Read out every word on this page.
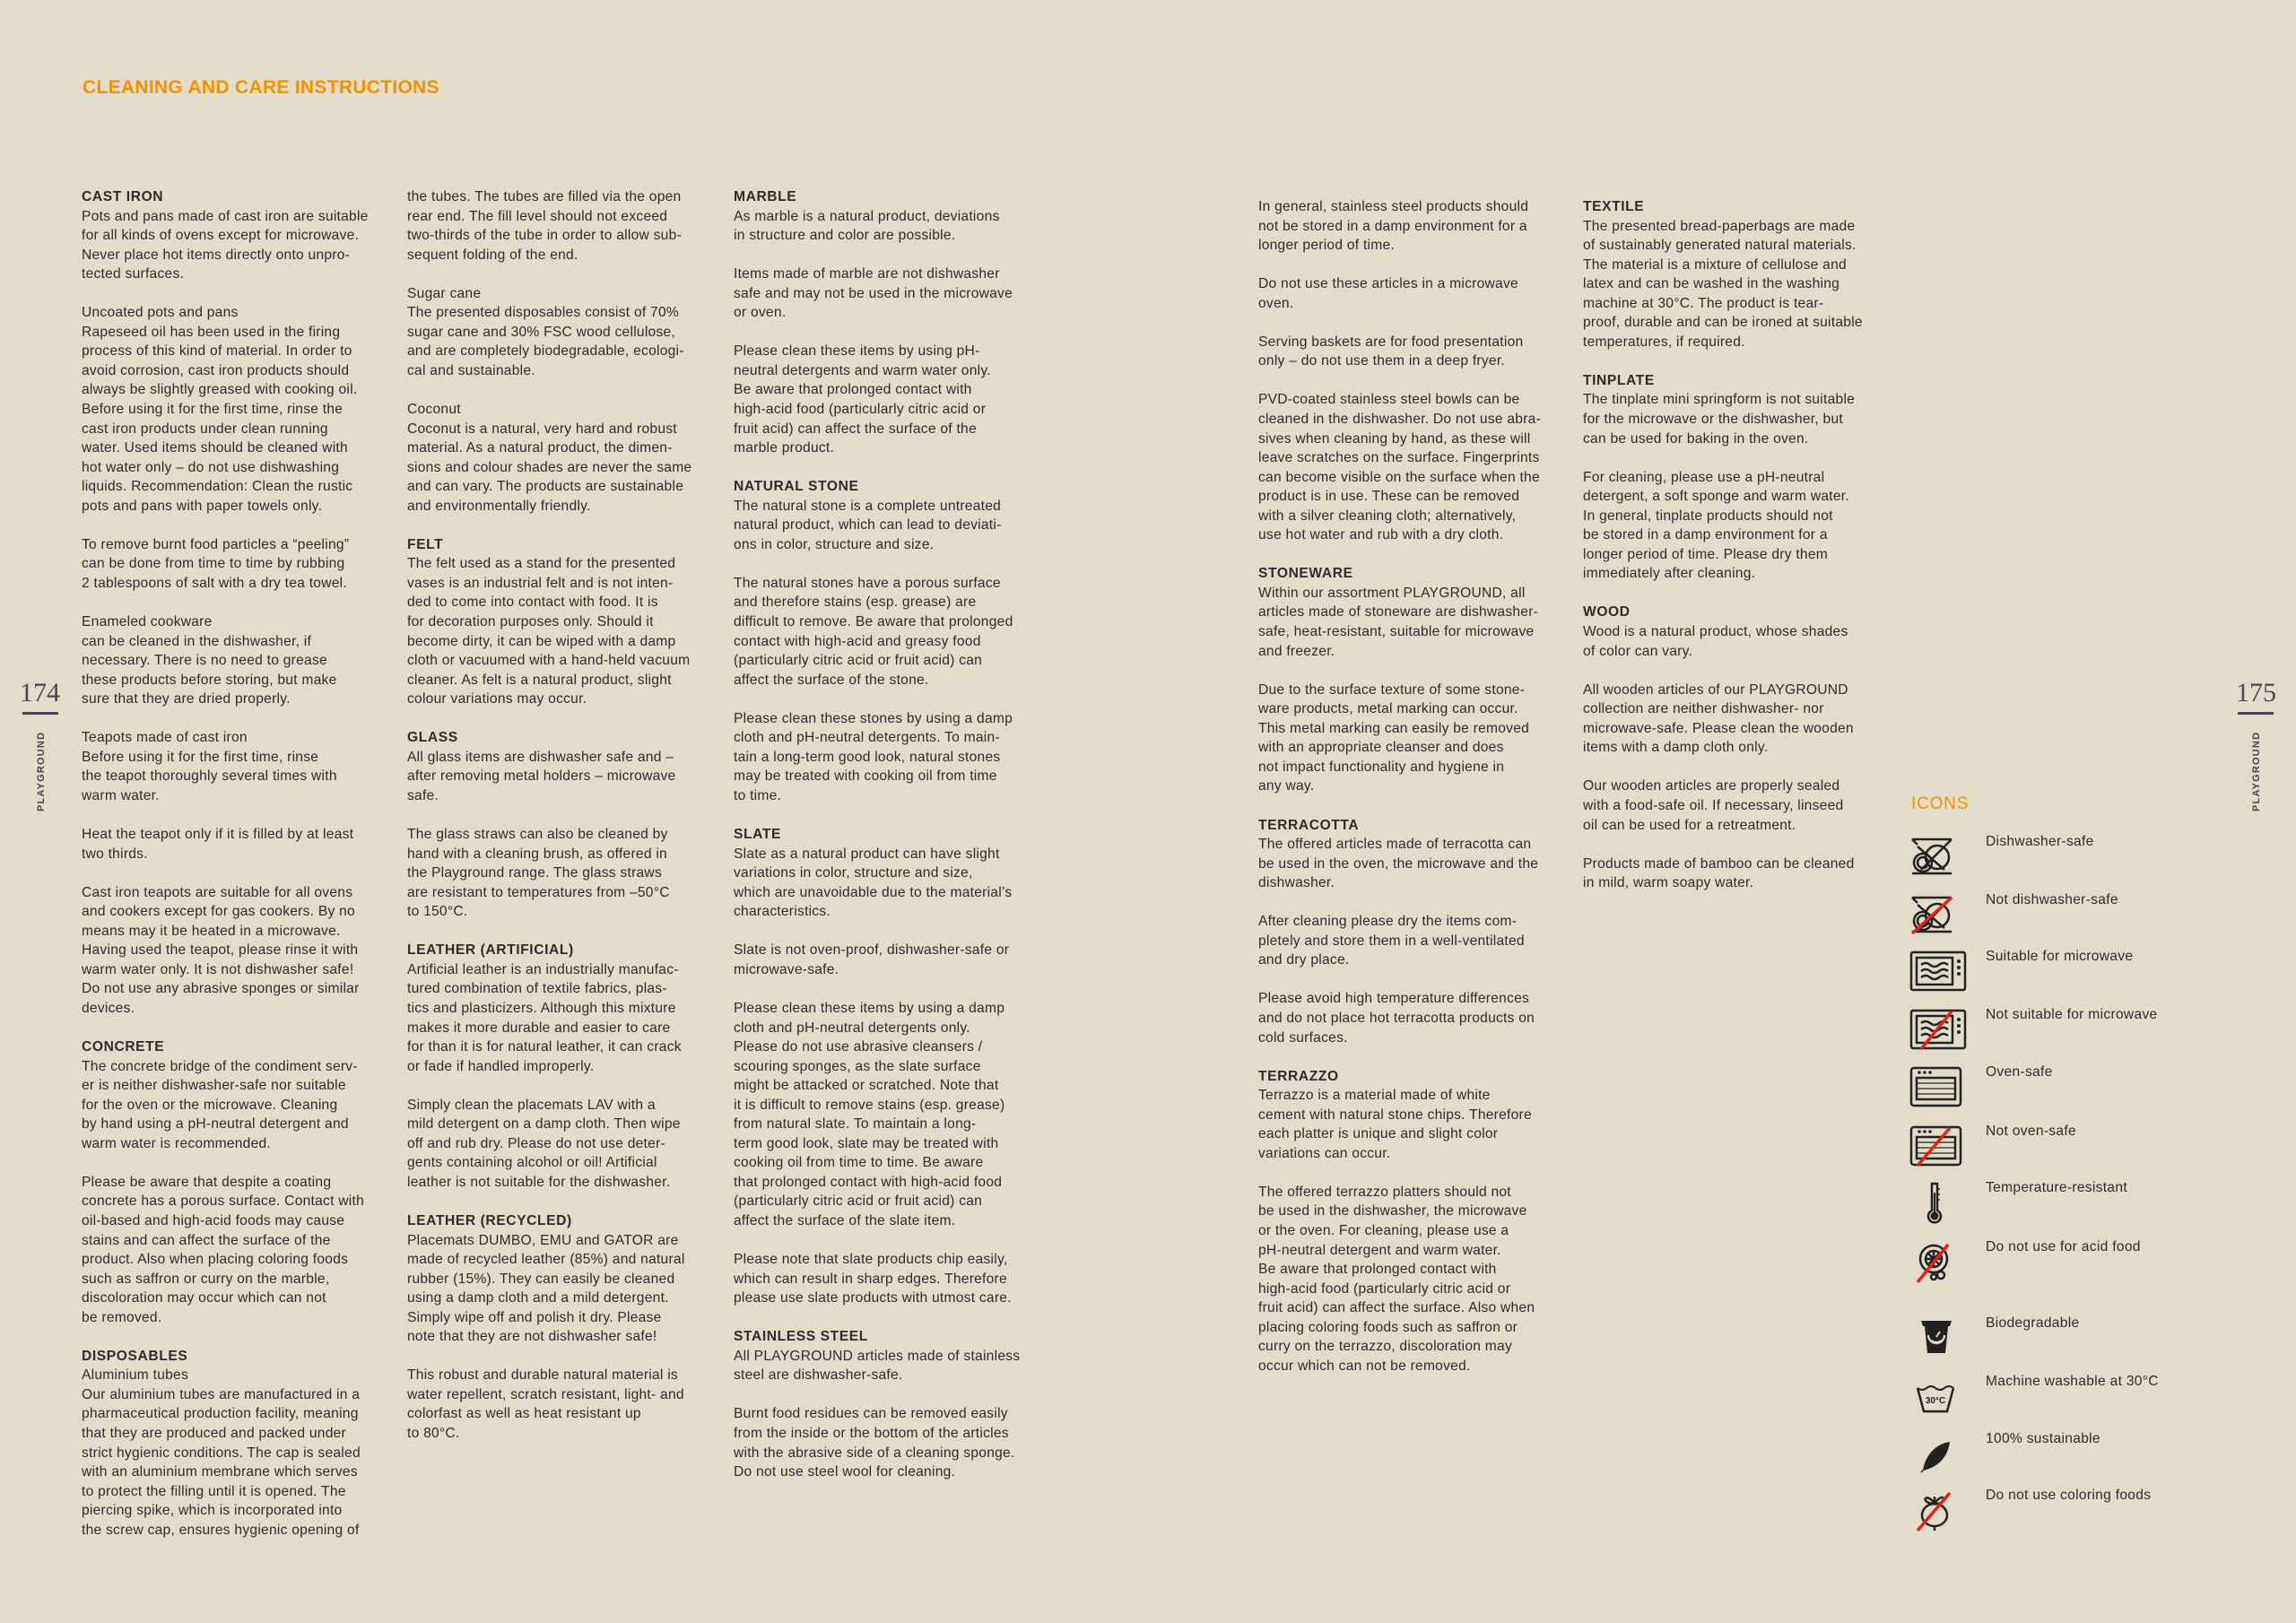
CLEANING AND CARE INSTRUCTIONS
174
PLAYGROUND
175
PLAYGROUND
CAST IRON

Pots and pans made of cast iron are suitable
for all kinds of ovens except for microwave.
Never place hot items directly onto unpro-
tected surfaces.

Uncoated pots and pans
Rapeseed oil has been used in the firing
process of this kind of material. In order to
avoid corrosion, cast iron products should
always be slightly greased with cooking oil.
Before using it for the first time, rinse the
cast iron products under clean running
water. Used items should be cleaned with
hot water only – do not use dishwashing
liquids. Recommendation: Clean the rustic
pots and pans with paper towels only.

To remove burnt food particles a “peeling”
can be done from time to time by rubbing
2 tablespoons of salt with a dry tea towel.

Enameled cookware
can be cleaned in the dishwasher, if
necessary. There is no need to grease
these products before storing, but make
sure that they are dried properly.

Teapots made of cast iron
Before using it for the first time, rinse
the teapot thoroughly several times with
warm water.

Heat the teapot only if it is filled by at least
two thirds.

Cast iron teapots are suitable for all ovens
and cookers except for gas cookers. By no
means may it be heated in a microwave.
Having used the teapot, please rinse it with
warm water only. It is not dishwasher safe!
Do not use any abrasive sponges or similar
devices.

CONCRETE

The concrete bridge of the condiment serv-
er is neither dishwasher-safe nor suitable
for the oven or the microwave. Cleaning
by hand using a pH-neutral detergent and
warm water is recommended.

Please be aware that despite a coating
concrete has a porous surface. Contact with
oil-based and high-acid foods may cause
stains and can affect the surface of the
product. Also when placing coloring foods
such as saffron or curry on the marble,
discoloration may occur which can not
be removed.

DISPOSABLES

Aluminium tubes
Our aluminium tubes are manufactured in a
pharmaceutical production facility, meaning
that they are produced and packed under
strict hygienic conditions. The cap is sealed
with an aluminium membrane which serves
to protect the filling until it is opened. The
piercing spike, which is incorporated into
the screw cap, ensures hygienic opening of

the tubes. The tubes are filled via the open
rear end. The fill level should not exceed
two-thirds of the tube in order to allow sub-
sequent folding of the end.

Sugar cane
The presented disposables consist of 70%
sugar cane and 30% FSC wood cellulose,
and are completely biodegradable, ecologi-
cal and sustainable.

Coconut
Coconut is a natural, very hard and robust
material. As a natural product, the dimen-
sions and colour shades are never the same
and can vary. The products are sustainable
and environmentally friendly.

FELT

The felt used as a stand for the presented
vases is an industrial felt and is not inten-
ded to come into contact with food. It is
for decoration purposes only. Should it
become dirty, it can be wiped with a damp
cloth or vacuumed with a hand-held vacuum
cleaner. As felt is a natural product, slight
colour variations may occur.

GLASS

All glass items are dishwasher safe and –
after removing metal holders – microwave
safe.

The glass straws can also be cleaned by
hand with a cleaning brush, as offered in
the Playground range. The glass straws
are resistant to temperatures from –50°C
to 150°C.

LEATHER (ARTIFICIAL)

Artificial leather is an industrially manufac-
tured combination of textile fabrics, plas-
tics and plasticizers. Although this mixture
makes it more durable and easier to care
for than it is for natural leather, it can crack
or fade if handled improperly.

Simply clean the placemats LAV with a
mild detergent on a damp cloth. Then wipe
off and rub dry. Please do not use deter-
gents containing alcohol or oil! Artificial
leather is not suitable for the dishwasher.

LEATHER (RECYCLED)

Placemats DUMBO, EMU and GATOR are
made of recycled leather (85%) and natural
rubber (15%). They can easily be cleaned
using a damp cloth and a mild detergent.
Simply wipe off and polish it dry. Please
note that they are not dishwasher safe!

This robust and durable natural material is
water repellent, scratch resistant, light- and
colorfast as well as heat resistant up
to 80°C.

MARBLE

As marble is a natural product, deviations
in structure and color are possible.

Items made of marble are not dishwasher
safe and may not be used in the microwave
or oven.

Please clean these items by using pH-
neutral detergents and warm water only.
Be aware that prolonged contact with
high-acid food (particularly citric acid or
fruit acid) can affect the surface of the
marble product.

NATURAL STONE

The natural stone is a complete untreated
natural product, which can lead to deviati-
ons in color, structure and size.

The natural stones have a porous surface
and therefore stains (esp. grease) are
difficult to remove. Be aware that prolonged
contact with high-acid and greasy food
(particularly citric acid or fruit acid) can
affect the surface of the stone.

Please clean these stones by using a damp
cloth and pH-neutral detergents. To main-
tain a long-term good look, natural stones
may be treated with cooking oil from time
to time.

SLATE

Slate as a natural product can have slight
variations in color, structure and size,
which are unavoidable due to the material’s
characteristics.

Slate is not oven-proof, dishwasher-safe or
microwave-safe.

Please clean these items by using a damp
cloth and pH-neutral detergents only.
Please do not use abrasive cleansers /
scouring sponges, as the slate surface
might be attacked or scratched. Note that
it is difficult to remove stains (esp. grease)
from natural slate. To maintain a long-
term good look, slate may be treated with
cooking oil from time to time. Be aware
that prolonged contact with high-acid food
(particularly citric acid or fruit acid) can
affect the surface of the slate item.

Please note that slate products chip easily,
which can result in sharp edges. Therefore
please use slate products with utmost care.

STAINLESS STEEL

All PLAYGROUND articles made of stainless
steel are dishwasher-safe.

Burnt food residues can be removed easily
from the inside or the bottom of the articles
with the abrasive side of a cleaning sponge.
Do not use steel wool for cleaning.

In general, stainless steel products should
not be stored in a damp environment for a
longer period of time.

Do not use these articles in a microwave
oven.

Serving baskets are for food presentation
only – do not use them in a deep fryer.

PVD-coated stainless steel bowls can be
cleaned in the dishwasher. Do not use abra-
sives when cleaning by hand, as these will
leave scratches on the surface. Fingerprints
can become visible on the surface when the
product is in use. These can be removed
with a silver cleaning cloth; alternatively,
use hot water and rub with a dry cloth.

STONEWARE

Within our assortment PLAYGROUND, all
articles made of stoneware are dishwasher-
safe, heat-resistant, suitable for microwave
and freezer.

Due to the surface texture of some stone-
ware products, metal marking can occur.
This metal marking can easily be removed
with an appropriate cleanser and does
not impact functionality and hygiene in
any way.

TERRACOTTA

The offered articles made of terracotta can
be used in the oven, the microwave and the
dishwasher.

After cleaning please dry the items com-
pletely and store them in a well-ventilated
and dry place.

Please avoid high temperature differences
and do not place hot terracotta products on
cold surfaces.

TERRAZZO

Terrazzo is a material made of white
cement with natural stone chips. Therefore
each platter is unique and slight color
variations can occur.

The offered terrazzo platters should not
be used in the dishwasher, the microwave
or the oven. For cleaning, please use a
pH-neutral detergent and warm water.
Be aware that prolonged contact with
high-acid food (particularly citric acid or
fruit acid) can affect the surface. Also when
placing coloring foods such as saffron or
curry on the terrazzo, discoloration may
occur which can not be removed.

TEXTILE

The presented bread-paperbags are made
of sustainably generated natural materials.
The material is a mixture of cellulose and
latex and can be washed in the washing
machine at 30°C. The product is tear-
proof, durable and can be ironed at suitable
temperatures, if required.

TINPLATE

The tinplate mini springform is not suitable
for the microwave or the dishwasher, but
can be used for baking in the oven.

For cleaning, please use a pH-neutral
detergent, a soft sponge and warm water.
In general, tinplate products should not
be stored in a damp environment for a
longer period of time. Please dry them
immediately after cleaning.

WOOD

Wood is a natural product, whose shades
of color can vary.

All wooden articles of our PLAYGROUND
collection are neither dishwasher- nor
microwave-safe. Please clean the wooden
items with a damp cloth only.

Our wooden articles are properly sealed
with a food-safe oil. If necessary, linseed
oil can be used for a retreatment.

Products made of bamboo can be cleaned
in mild, warm soapy water.

ICONS
Dishwasher-safe
Not dishwasher-safe
Suitable for microwave
Not suitable for microwave
Oven-safe
Not oven-safe
Temperature-resistant
Do not use for acid food
Biodegradable
30°C
Machine washable at 30°C
100% sustainable
Do not use coloring foods
